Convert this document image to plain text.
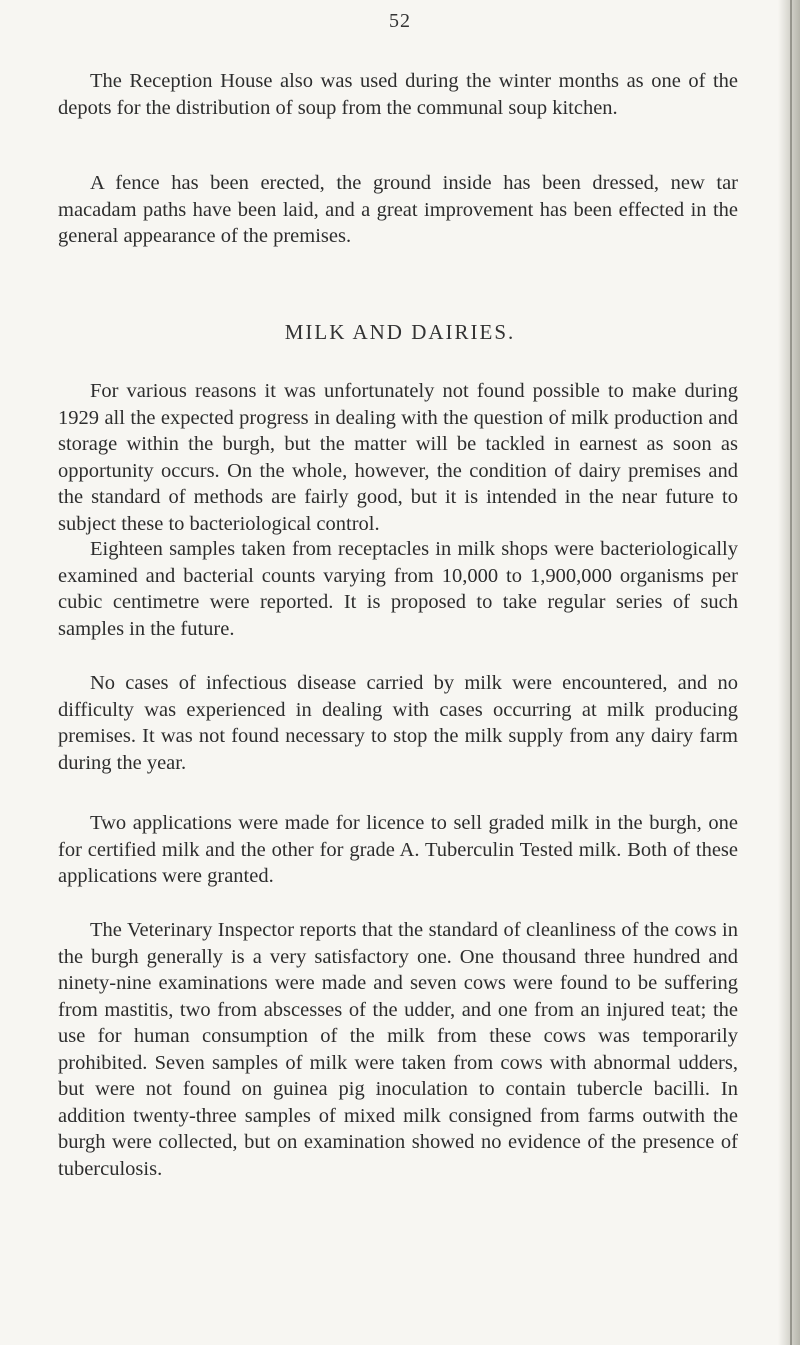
52

The Reception House also was used during the winter months as one of the depots for the distribution of soup from the communal soup kitchen.

A fence has been erected, the ground inside has been dressed, new tar macadam paths have been laid, and a great improvement has been effected in the general appearance of the premises.

MILK AND DAIRIES.

For various reasons it was unfortunately not found possible to make during 1929 all the expected progress in dealing with the question of milk production and storage within the burgh, but the matter will be tackled in earnest as soon as opportunity occurs. On the whole, however, the condition of dairy premises and the standard of methods are fairly good, but it is intended in the near future to subject these to bacteriological control.

Eighteen samples taken from receptacles in milk shops were bacteriologically examined and bacterial counts varying from 10,000 to 1,900,000 organisms per cubic centimetre were reported. It is proposed to take regular series of such samples in the future.

No cases of infectious disease carried by milk were encountered, and no difficulty was experienced in dealing with cases occurring at milk producing premises. It was not found necessary to stop the milk supply from any dairy farm during the year.

Two applications were made for licence to sell graded milk in the burgh, one for certified milk and the other for grade A. Tuberculin Tested milk. Both of these applications were granted.

The Veterinary Inspector reports that the standard of cleanliness of the cows in the burgh generally is a very satisfactory one. One thousand three hundred and ninety-nine examinations were made and seven cows were found to be suffering from mastitis, two from abscesses of the udder, and one from an injured teat; the use for human consumption of the milk from these cows was temporarily prohibited. Seven samples of milk were taken from cows with abnormal udders, but were not found on guinea pig inoculation to contain tubercle bacilli. In addition twenty-three samples of mixed milk consigned from farms outwith the burgh were collected, but on examination showed no evidence of the presence of tuberculosis.
